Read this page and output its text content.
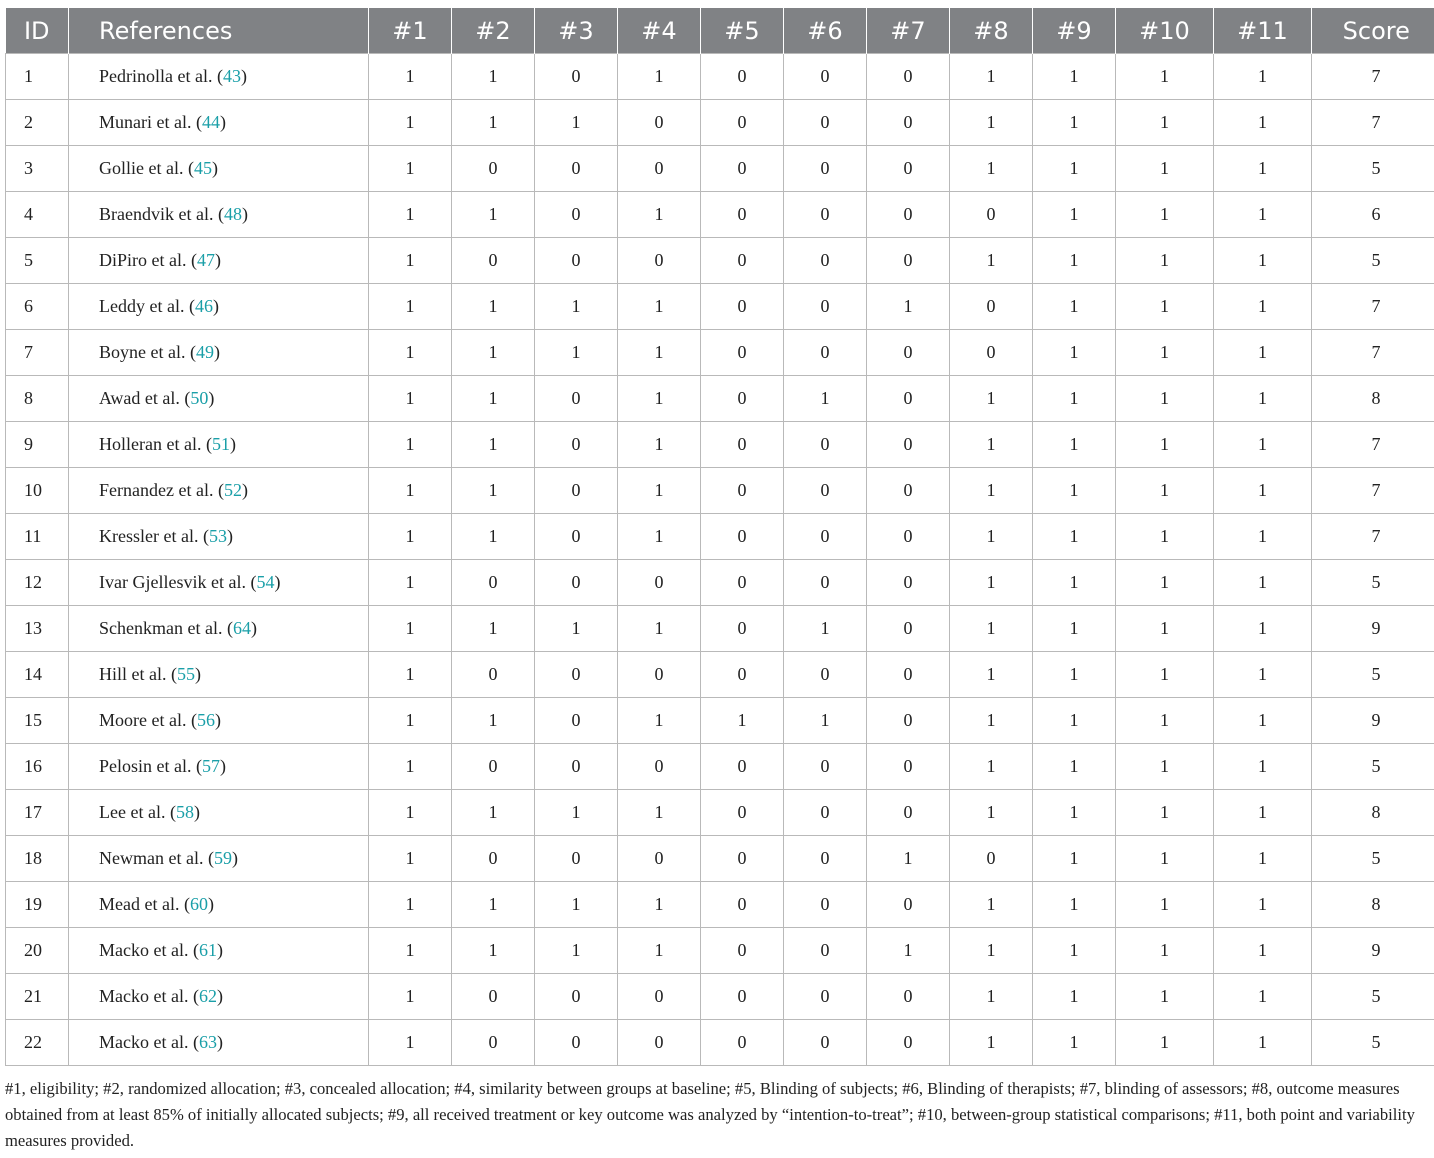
ID	References	#1	#2	#3	#4	#5	#6	#7	#8	#9	#10	#11	Score
1	Pedrinolla et al. (43)	1	1	0	1	0	0	0	1	1	1	1	7
2	Munari et al. (44)	1	1	1	0	0	0	0	1	1	1	1	7
3	Gollie et al. (45)	1	0	0	0	0	0	0	1	1	1	1	5
4	Braendvik et al. (48)	1	1	0	1	0	0	0	0	1	1	1	6
5	DiPiro et al. (47)	1	0	0	0	0	0	0	1	1	1	1	5
6	Leddy et al. (46)	1	1	1	1	0	0	1	0	1	1	1	7
7	Boyne et al. (49)	1	1	1	1	0	0	0	0	1	1	1	7
8	Awad et al. (50)	1	1	0	1	0	1	0	1	1	1	1	8
9	Holleran et al. (51)	1	1	0	1	0	0	0	1	1	1	1	7
10	Fernandez et al. (52)	1	1	0	1	0	0	0	1	1	1	1	7
11	Kressler et al. (53)	1	1	0	1	0	0	0	1	1	1	1	7
12	Ivar Gjellesvik et al. (54)	1	0	0	0	0	0	0	1	1	1	1	5
13	Schenkman et al. (64)	1	1	1	1	0	1	0	1	1	1	1	9
14	Hill et al. (55)	1	0	0	0	0	0	0	1	1	1	1	5
15	Moore et al. (56)	1	1	0	1	1	1	0	1	1	1	1	9
16	Pelosin et al. (57)	1	0	0	0	0	0	0	1	1	1	1	5
17	Lee et al. (58)	1	1	1	1	0	0	0	1	1	1	1	8
18	Newman et al. (59)	1	0	0	0	0	0	1	0	1	1	1	5
19	Mead et al. (60)	1	1	1	1	0	0	0	1	1	1	1	8
20	Macko et al. (61)	1	1	1	1	0	0	1	1	1	1	1	9
21	Macko et al. (62)	1	0	0	0	0	0	0	1	1	1	1	5
22	Macko et al. (63)	1	0	0	0	0	0	0	1	1	1	1	5
#1, eligibility; #2, randomized allocation; #3, concealed allocation; #4, similarity between groups at baseline; #5, Blinding of subjects; #6, Blinding of therapists; #7, blinding of assessors; #8, outcome measures obtained from at least 85% of initially allocated subjects; #9, all received treatment or key outcome was analyzed by “intention-to-treat”; #10, between-group statistical comparisons; #11, both point and variability measures provided.
